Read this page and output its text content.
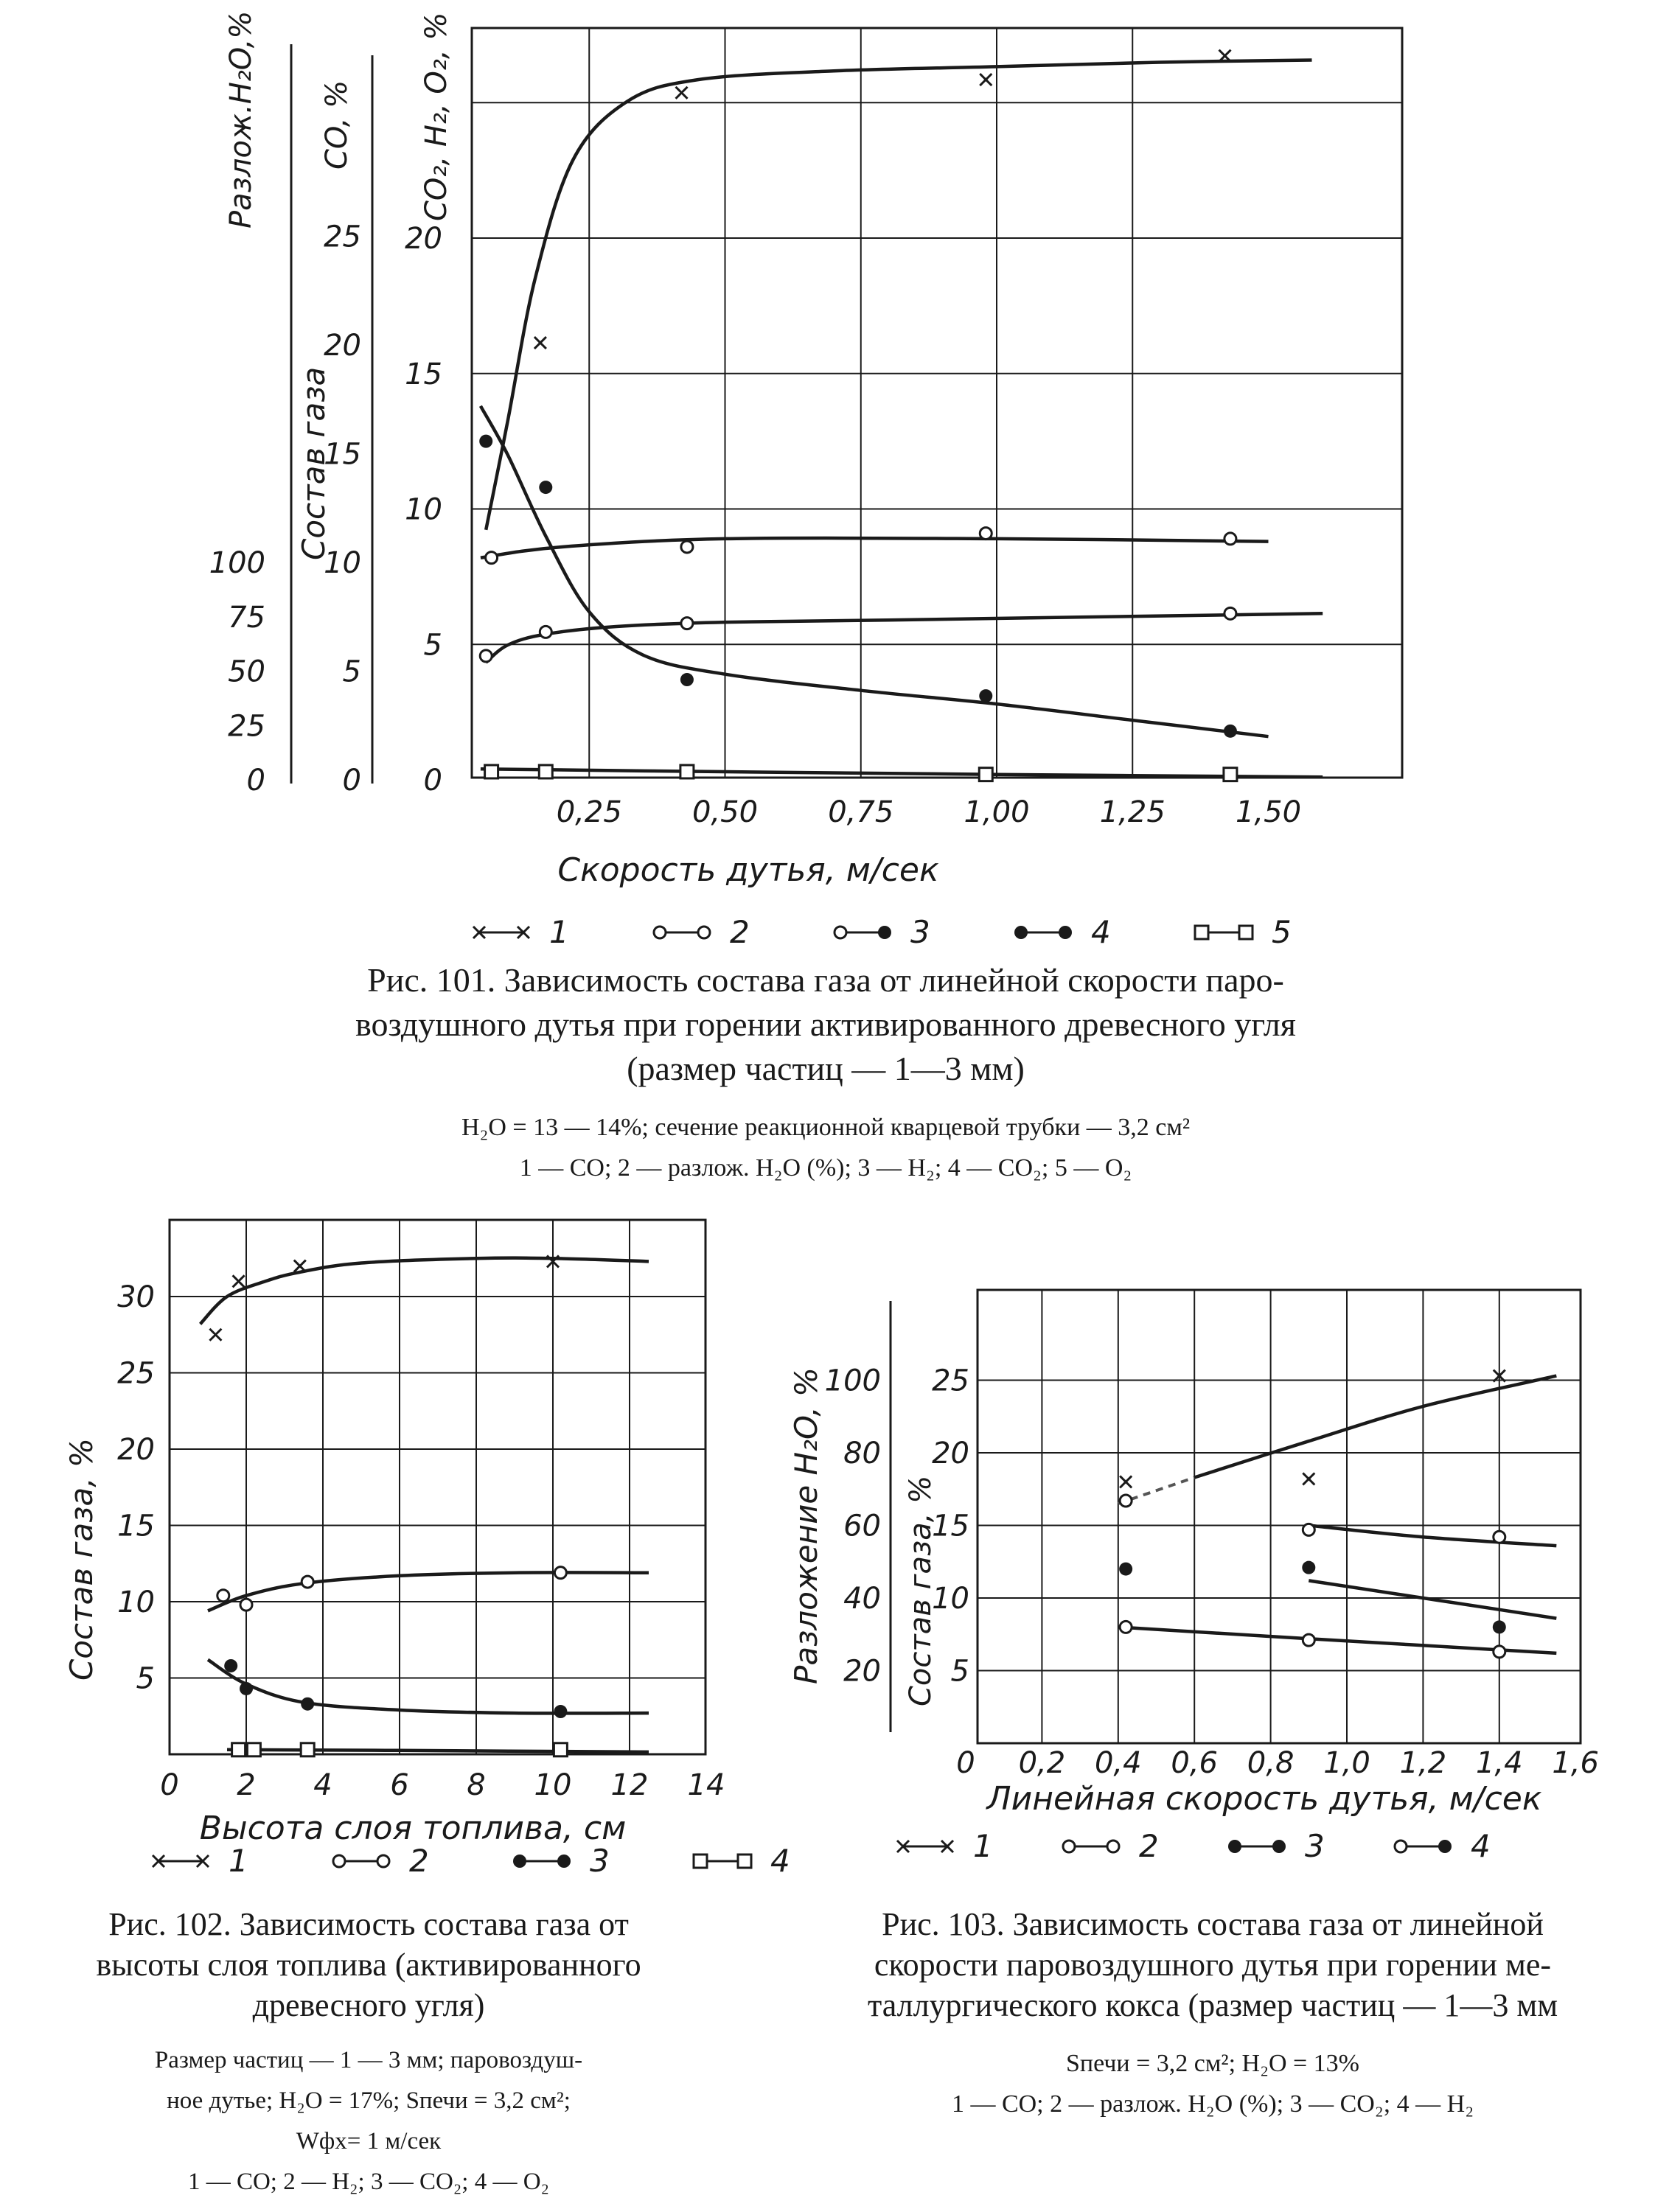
0,25 0,50 0,75 1,00 1,25 1,50
0
5
10
15
20
0
5
10
15
20
25
0
25
50
75
100
Разлож.H₂O,%
Состав газа
CO, % CO₂, H₂, O₂, %
Скорость дутья, м/сек
1	2	3	4	5
Рис. 101. Зависимость состава газа от линейной скорости паро-
воздушного дутья при горении активированного древесного угля
(размер частиц — 1—3 мм)
H₂O = 13 — 14%; сечение реакционной кварцевой трубки — 3,2 см²
1 — CO; 2 — разлож. H₂O (%); 3 — H₂; 4 — CO₂; 5 — O₂
0 2 4 6 8 10 12 14
5
10
15
20
25
30
Состав газа, %
Высота слоя топлива, см
1	2	3	4
Рис. 102. Зависимость состава газа от
высоты слоя топлива (активированного
древесного угля)
Размер частиц — 1 — 3 мм; паровоздуш-
ное дутье; H₂O = 17%; Sпечи = 3,2 см²;
Wфх= 1 м/сек
1 — CO; 2 — H₂; 3 — CO₂; 4 — O₂
0 0,2 0,4 0,6 0,8 1,0 1,2 1,4 1,6
5
10
15
20
25
20
40
60
80
100
Разложение H₂O, %	Состав газа, %
Линейная скорость дутья, м/сек
1	2	3	4
Рис. 103. Зависимость состава газа от линейной
скорости паровоздушного дутья при горении ме-
таллургического кокса (размер частиц — 1—3 мм
Sпечи = 3,2 см²; H₂O = 13%
1 — CO; 2 — разлож. H₂O (%); 3 — CO₂; 4 — H₂
